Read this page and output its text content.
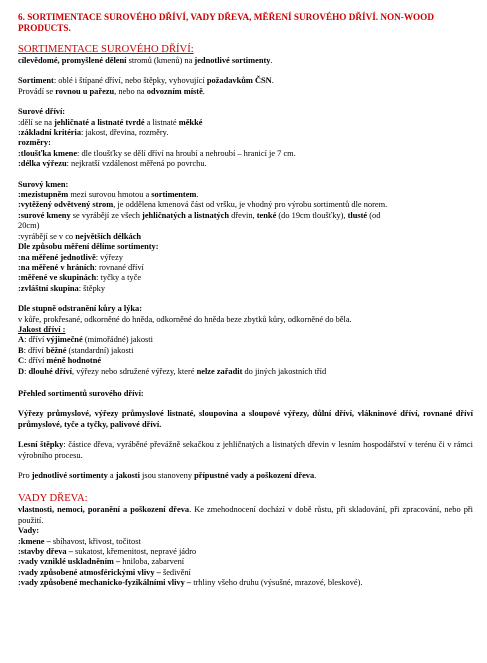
6. SORTIMENTACE SUROVÉHO DŘÍVÍ, VADY DŘEVA, MĚŘENÍ SUROVÉHO DŘÍVÍ. NON-WOOD PRODUCTS.
SORTIMENTACE SUROVÉHO DŘÍVÍ:

cílevědomé, promyšlené dělení stromů (kmenů) na jednotlivé sortimenty.

Sortiment: oblé i štípané dříví, nebo štěpky, vyhovující požadavkům ČSN.

Provádí se rovnou u pařezu, nebo na odvozním místě.

Surové dříví:

:dělí se na jehličnaté a listnaté tvrdé a listnaté měkké

:základní kritéria: jakost, dřevina, rozměry.

rozměry:

:tloušťka kmene: dle tloušťky se dělí dříví na hroubí a nehroubí – hranicí je 7 cm.

:délka výřezu: nejkratší vzdálenost měřená po povrchu.

Surový kmen:

:mezistupněm mezi surovou hmotou a sortimentem.

:vytěžený odvětvený strom, je oddělena kmenová část od vršku, je vhodný pro výrobu sortimentů dle norem.

:surové kmeny se vyrábějí ze všech jehličnatých a listnatých dřevin, tenké (do 19cm tloušťky), tlusté (od

20cm)

:vyrábějí se v co největších délkách

Dle způsobu měření dělíme sortimenty:

:na měřené jednotlivě: výřezy

:na měřené v hráních: rovnané dříví

:měřené ve skupinách: tyčky a tyče

:zvláštní skupina: štěpky

Dle stupně odstranění kůry a lýka:

v kůře, prokřesané, odkorněné do hněda, odkorněné do hněda beze zbytků kůry, odkorněné do běla.

Jakost dříví :

A: dříví výjimečné (mimořádné) jakosti

B: dříví běžné (standardní) jakosti

C: dříví méně hodnotné

D: dlouhé dříví, výřezy nebo sdružené výřezy, které nelze zařadit do jiných jakostních tříd

Přehled sortimentů surového dříví:

Výřezy průmyslové, výřezy průmyslové listnaté, sloupovina a sloupové výřezy, důlní dříví, vlákninové dříví, rovnané dříví průmyslové, tyče a tyčky, palivové dříví.

Lesní štěpky: částice dřeva, vyráběné převážně sekačkou z jehličnatých a listnatých dřevin v lesním hospodářství v terénu či v rámci výrobního procesu.

Pro jednotlivé sortimenty a jakosti jsou stanoveny přípustné vady a poškození dřeva.

VADY DŘEVA:

vlastnosti, nemoci, poranění a poškození dřeva. Ke zmehodnocení dochází v době růstu, při skladování, při zpracování, nebo při použití.

Vady:

:kmene – sbíhavost, křivost, točitost

:stavby dřeva – sukatost, křemenitost, nepravé jádro

:vady vzniklé uskladněním – hniloba, zabarvení

:vady způsobené atmosférickými vlivy – šedivění

:vady způsobené mechanicko-fyzikálními vlivy – trhliny všeho druhu (výsušné, mrazové, bleskové).
